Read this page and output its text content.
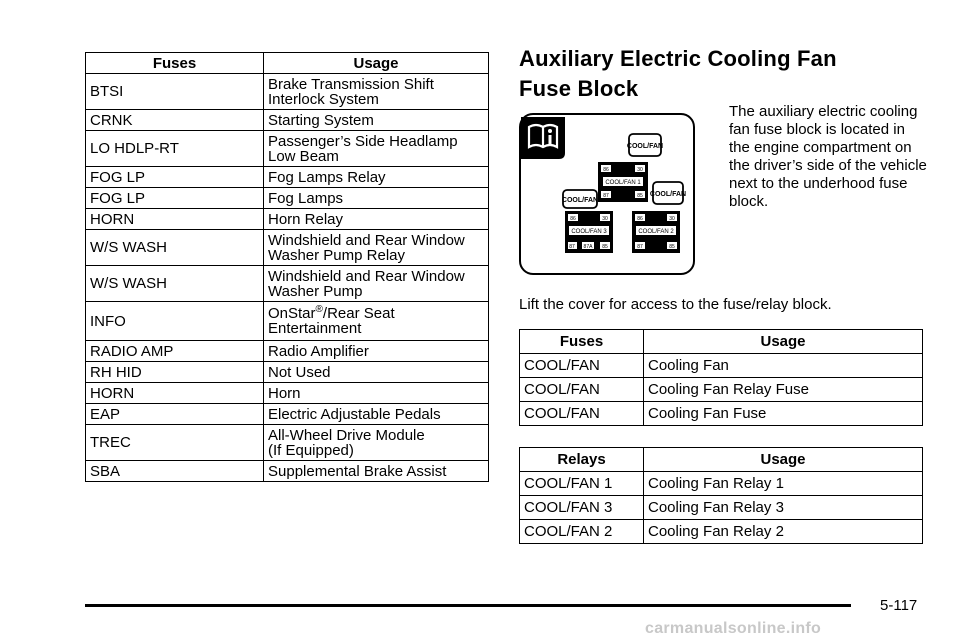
Fuses	Usage
BTSI	Brake Transmission Shift Interlock System
CRNK	Starting System
LO HDLP-RT	Passenger’s Side Headlamp Low Beam
FOG LP	Fog Lamps Relay
FOG LP	Fog Lamps
HORN	Horn Relay
W/S WASH	Windshield and Rear Window Washer Pump Relay
W/S WASH	Windshield and Rear Window Washer Pump
INFO	OnStar®/Rear Seat Entertainment
RADIO AMP	Radio Amplifier
RH HID	Not Used
HORN	Horn
EAP	Electric Adjustable Pedals
TREC	All-Wheel Drive Module
(If Equipped)
SBA	Supplemental Brake Assist
Auxiliary Electric Cooling Fan
Fuse Block
COOL/FAN
COOL/FAN
COOL/FAN
86	30
COOL/FAN 1
87	85
86	30
COOL/FAN 3
87 87A 85
86	30
COOL/FAN 2
87	85

The auxiliary electric cooling fan fuse block is located in the engine compartment on the driver’s side of the vehicle next to the underhood fuse block.

Lift the cover for access to the fuse/relay block.

Fuses	Usage
COOL/FAN	Cooling Fan
COOL/FAN	Cooling Fan Relay Fuse
COOL/FAN	Cooling Fan Fuse
Relays	Usage
COOL/FAN 1	Cooling Fan Relay 1
COOL/FAN 3	Cooling Fan Relay 3
COOL/FAN 2	Cooling Fan Relay 2
5-117
carmanualsonline.info
